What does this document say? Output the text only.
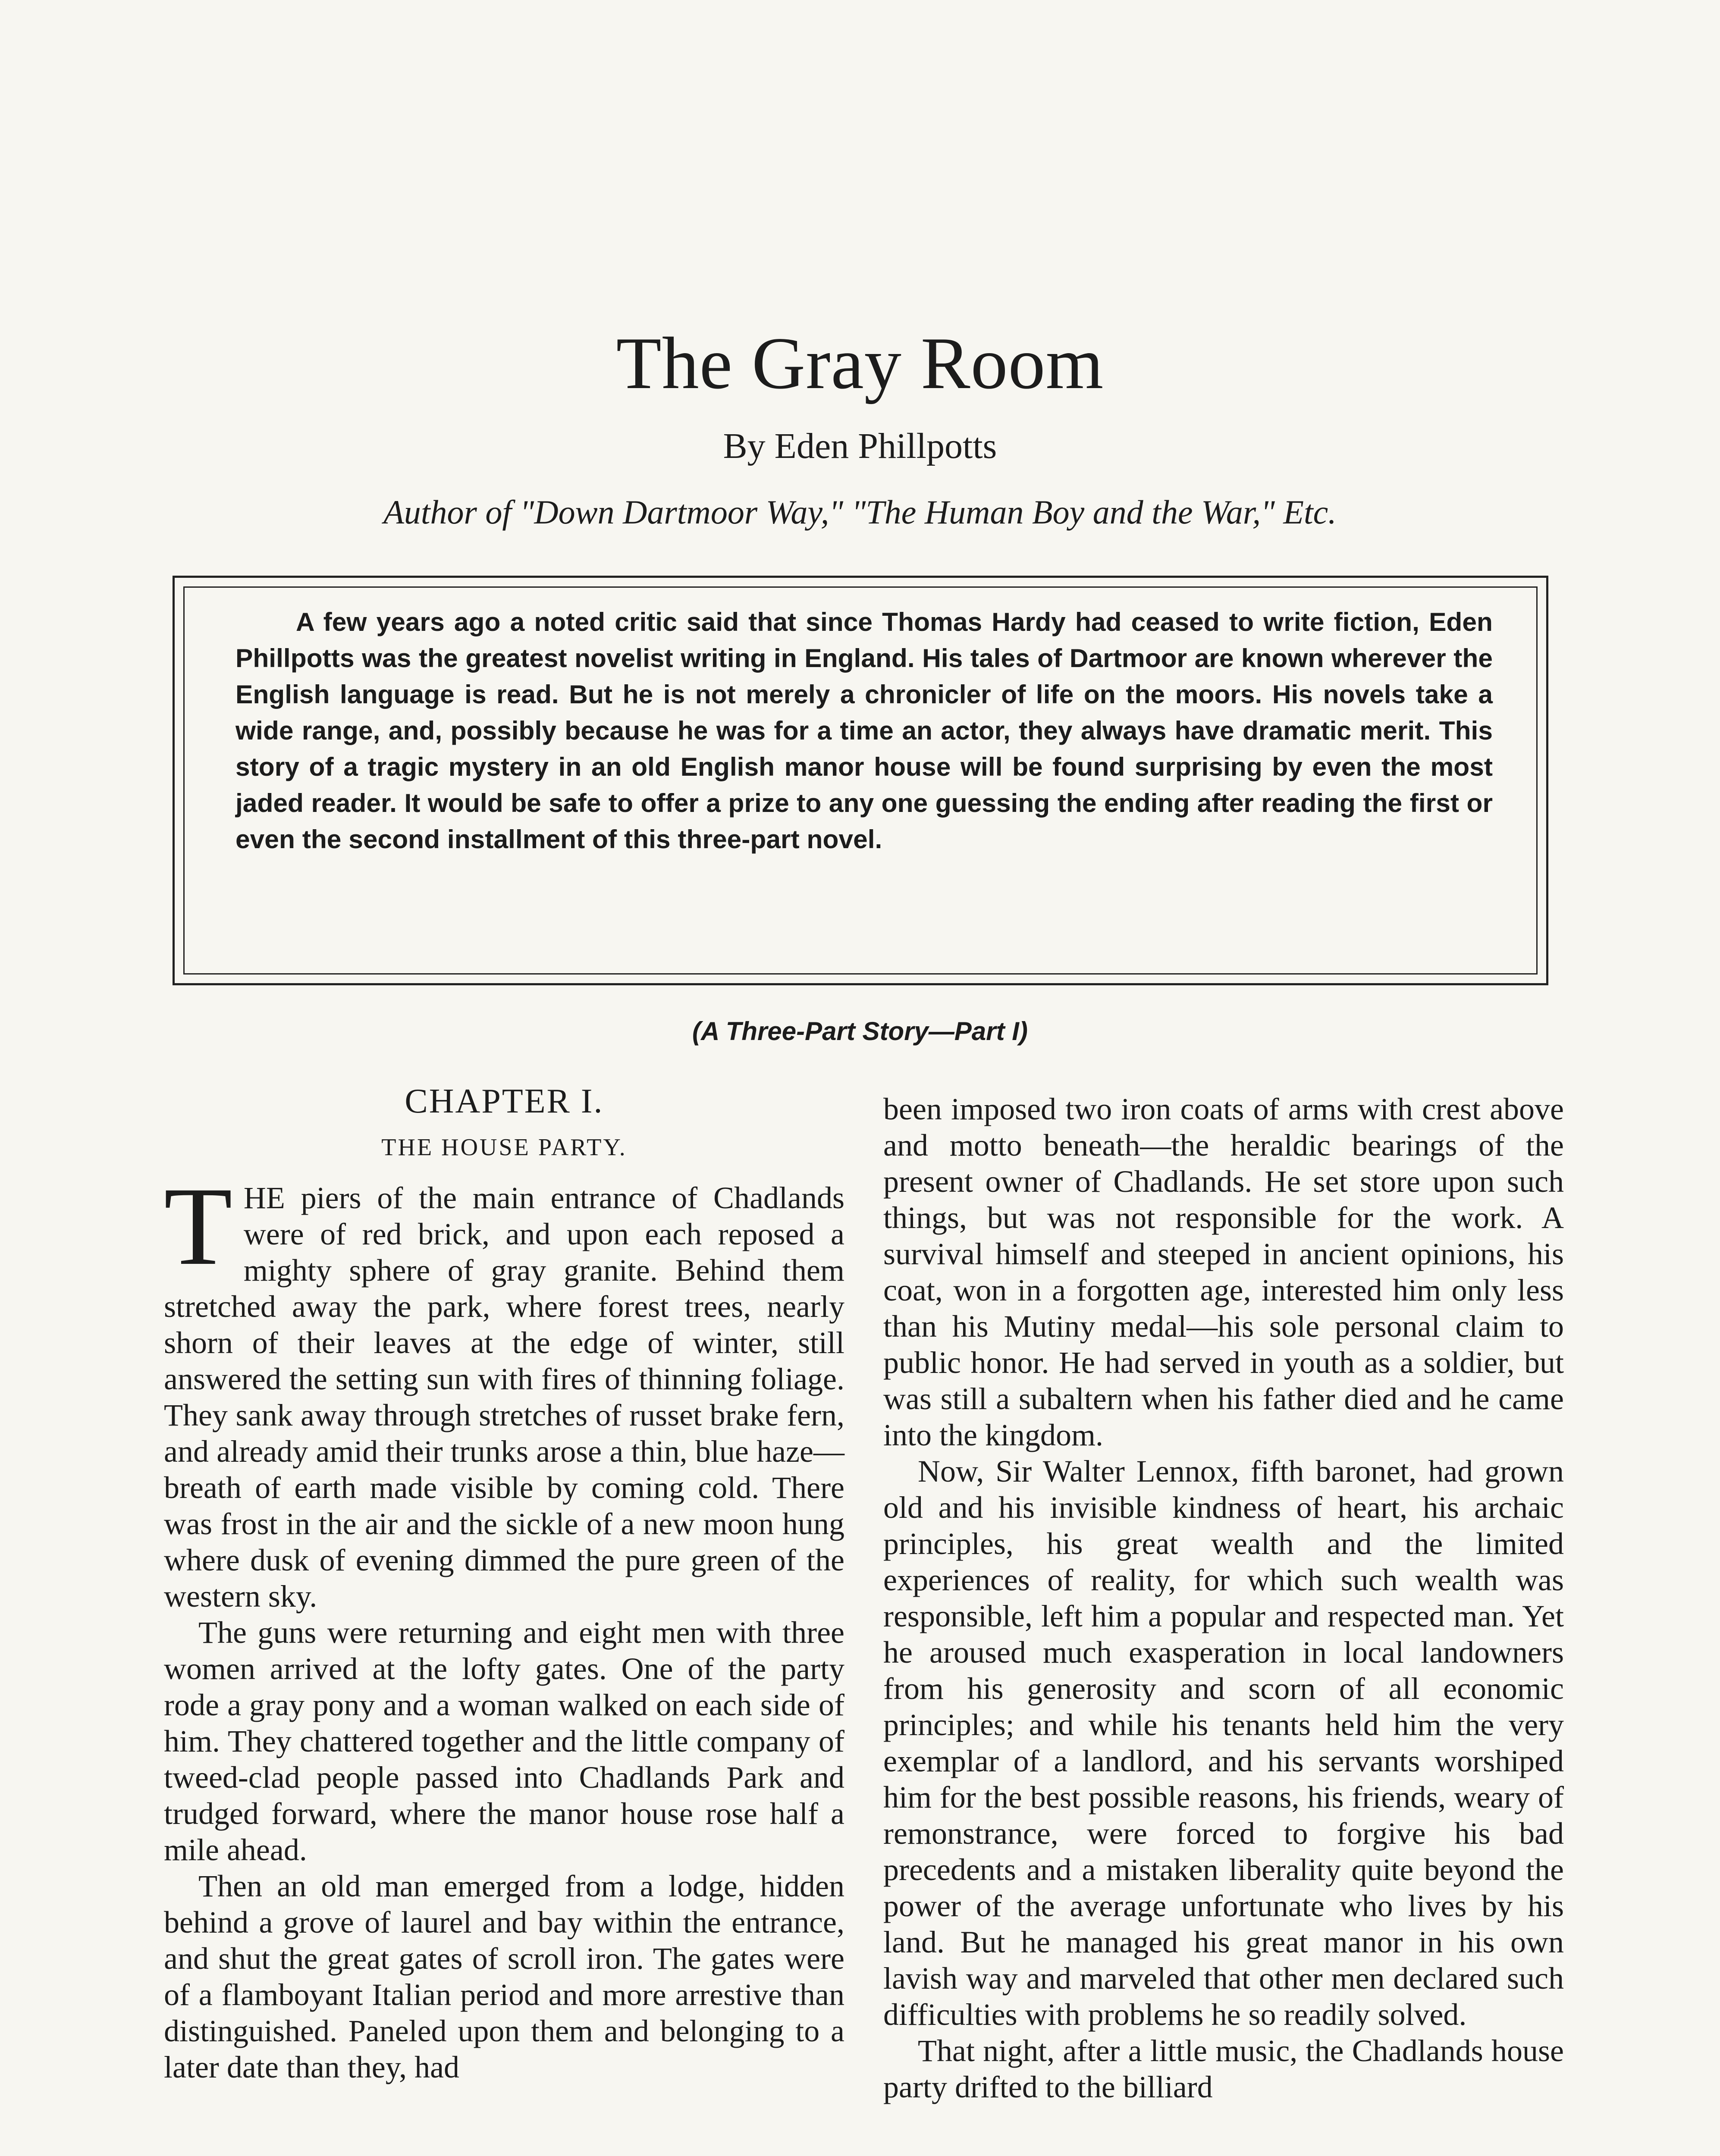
The Gray Room
By Eden Phillpotts
Author of "Down Dartmoor Way," "The Human Boy and the War," Etc.

A few years ago a noted critic said that since Thomas Hardy had ceased to write fiction, Eden Phillpotts was the greatest novelist writing in England. His tales of Dartmoor are known wherever the English language is read. But he is not merely a chronicler of life on the moors. His novels take a wide range, and, possibly because he was for a time an actor, they always have dramatic merit. This story of a tragic mystery in an old English manor house will be found surprising by even the most jaded reader. It would be safe to offer a prize to any one guessing the ending after reading the first or even the second installment of this three-part novel.

(A Three-Part Story—Part I)
CHAPTER I.
THE HOUSE PARTY.

THE piers of the main entrance of Chadlands were of red brick, and upon each reposed a mighty sphere of gray granite. Behind them stretched away the park, where forest trees, nearly shorn of their leaves at the edge of winter, still answered the setting sun with fires of thinning foliage. They sank away through stretches of russet brake fern, and already amid their trunks arose a thin, blue haze—breath of earth made visible by coming cold. There was frost in the air and the sickle of a new moon hung where dusk of evening dimmed the pure green of the western sky.

The guns were returning and eight men with three women arrived at the lofty gates. One of the party rode a gray pony and a woman walked on each side of him. They chattered together and the little company of tweed-clad people passed into Chadlands Park and trudged forward, where the manor house rose half a mile ahead.

Then an old man emerged from a lodge, hidden behind a grove of laurel and bay within the entrance, and shut the great gates of scroll iron. The gates were of a flamboyant Italian period and more arrestive than distinguished. Paneled upon them and belonging to a later date than they, had

been imposed two iron coats of arms with crest above and motto beneath—the heraldic bearings of the present owner of Chadlands. He set store upon such things, but was not responsible for the work. A survival himself and steeped in ancient opinions, his coat, won in a forgotten age, interested him only less than his Mutiny medal—his sole personal claim to public honor. He had served in youth as a soldier, but was still a subaltern when his father died and he came into the kingdom.

Now, Sir Walter Lennox, fifth baronet, had grown old and his invisible kindness of heart, his archaic principles, his great wealth and the limited experiences of reality, for which such wealth was responsible, left him a popular and respected man. Yet he aroused much exasperation in local landowners from his generosity and scorn of all economic principles; and while his tenants held him the very exemplar of a landlord, and his servants worshiped him for the best possible reasons, his friends, weary of remonstrance, were forced to forgive his bad precedents and a mistaken liberality quite beyond the power of the average unfortunate who lives by his land. But he managed his great manor in his own lavish way and marveled that other men declared such difficulties with problems he so readily solved.

That night, after a little music, the Chadlands house party drifted to the billiard
